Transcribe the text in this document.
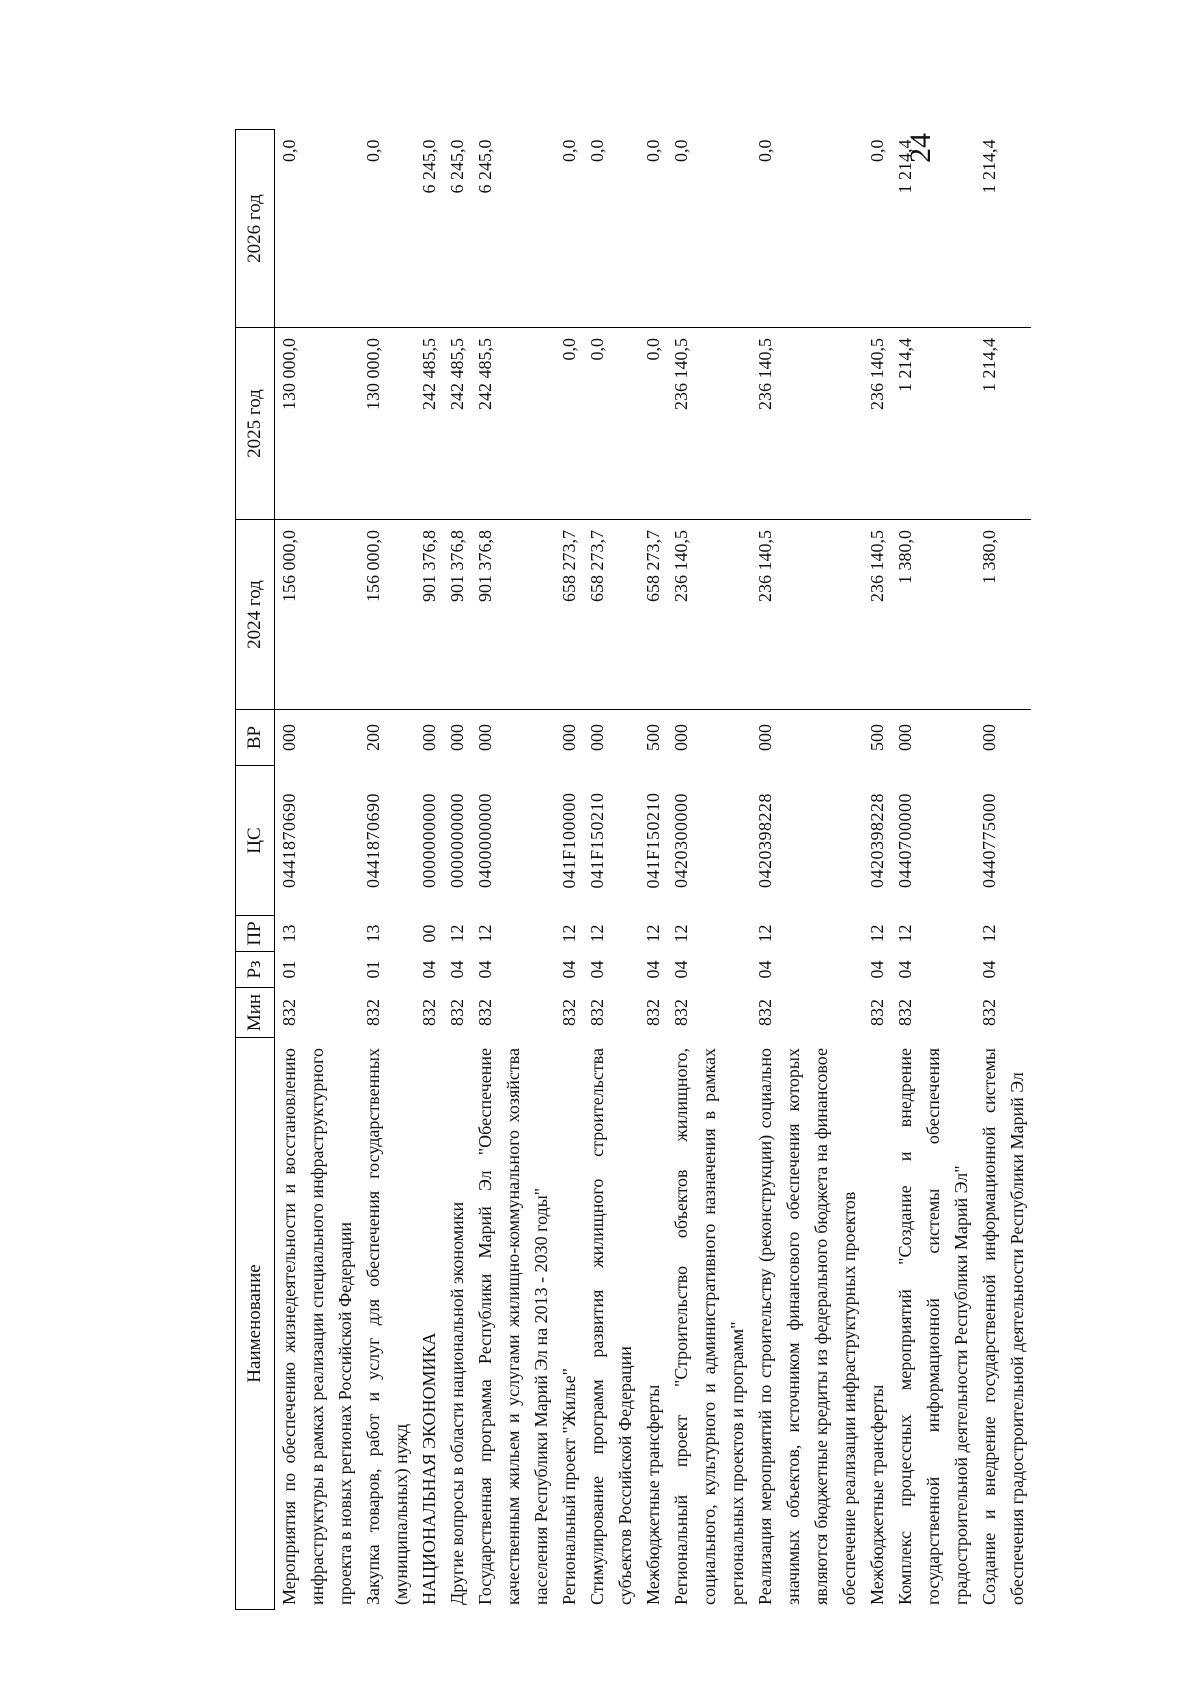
24
Наименование	Мин	Рз	ПР	ЦС	ВР	2024 год	2025 год	2026 год
Мероприятия по обеспечению жизнедеятельности и восстановлению инфраструктуры в рамках реализации специального инфраструктурного проекта в новых регионах Российской Федерации	832	01	13	0441870690	000	156 000,0	130 000,0	0,0
Закупка товаров, работ и услуг для обеспечения государственных (муниципальных) нужд	832	01	13	0441870690	200	156 000,0	130 000,0	0,0
НАЦИОНАЛЬНАЯ ЭКОНОМИКА	832	04	00	0000000000	000	901 376,8	242 485,5	6 245,0
Другие вопросы в области национальной экономики	832	04	12	0000000000	000	901 376,8	242 485,5	6 245,0
Государственная программа Республики Марий Эл "Обеспечение качественным жильем и услугами жилищно-коммунального хозяйства населения Республики Марий Эл на 2013 - 2030 годы"	832	04	12	0400000000	000	901 376,8	242 485,5	6 245,0
Региональный проект "Жилье"	832	04	12	041F100000	000	658 273,7	0,0	0,0
Стимулирование программ развития жилищного строительства субъектов Российской Федерации	832	04	12	041F150210	000	658 273,7	0,0	0,0
Межбюджетные трансферты	832	04	12	041F150210	500	658 273,7	0,0	0,0
Региональный проект "Строительство объектов жилищного, социального, культурного и административного назначения в рамках региональных проектов и программ"	832	04	12	0420300000	000	236 140,5	236 140,5	0,0
Реализация мероприятий по строительству (реконструкции) социально значимых объектов, источником финансового обеспечения которых являются бюджетные кредиты из федерального бюджета на финансовое обеспечение реализации инфраструктурных проектов	832	04	12	0420398228	000	236 140,5	236 140,5	0,0
Межбюджетные трансферты	832	04	12	0420398228	500	236 140,5	236 140,5	0,0
Комплекс процессных мероприятий "Создание и внедрение государственной информационной системы обеспечения градостроительной деятельности Республики Марий Эл"	832	04	12	0440700000	000	1 380,0	1 214,4	1 214,4
Создание и внедрение государственной информационной системы обеспечения градостроительной деятельности Республики Марий Эл	832	04	12	0440775000	000	1 380,0	1 214,4	1 214,4
